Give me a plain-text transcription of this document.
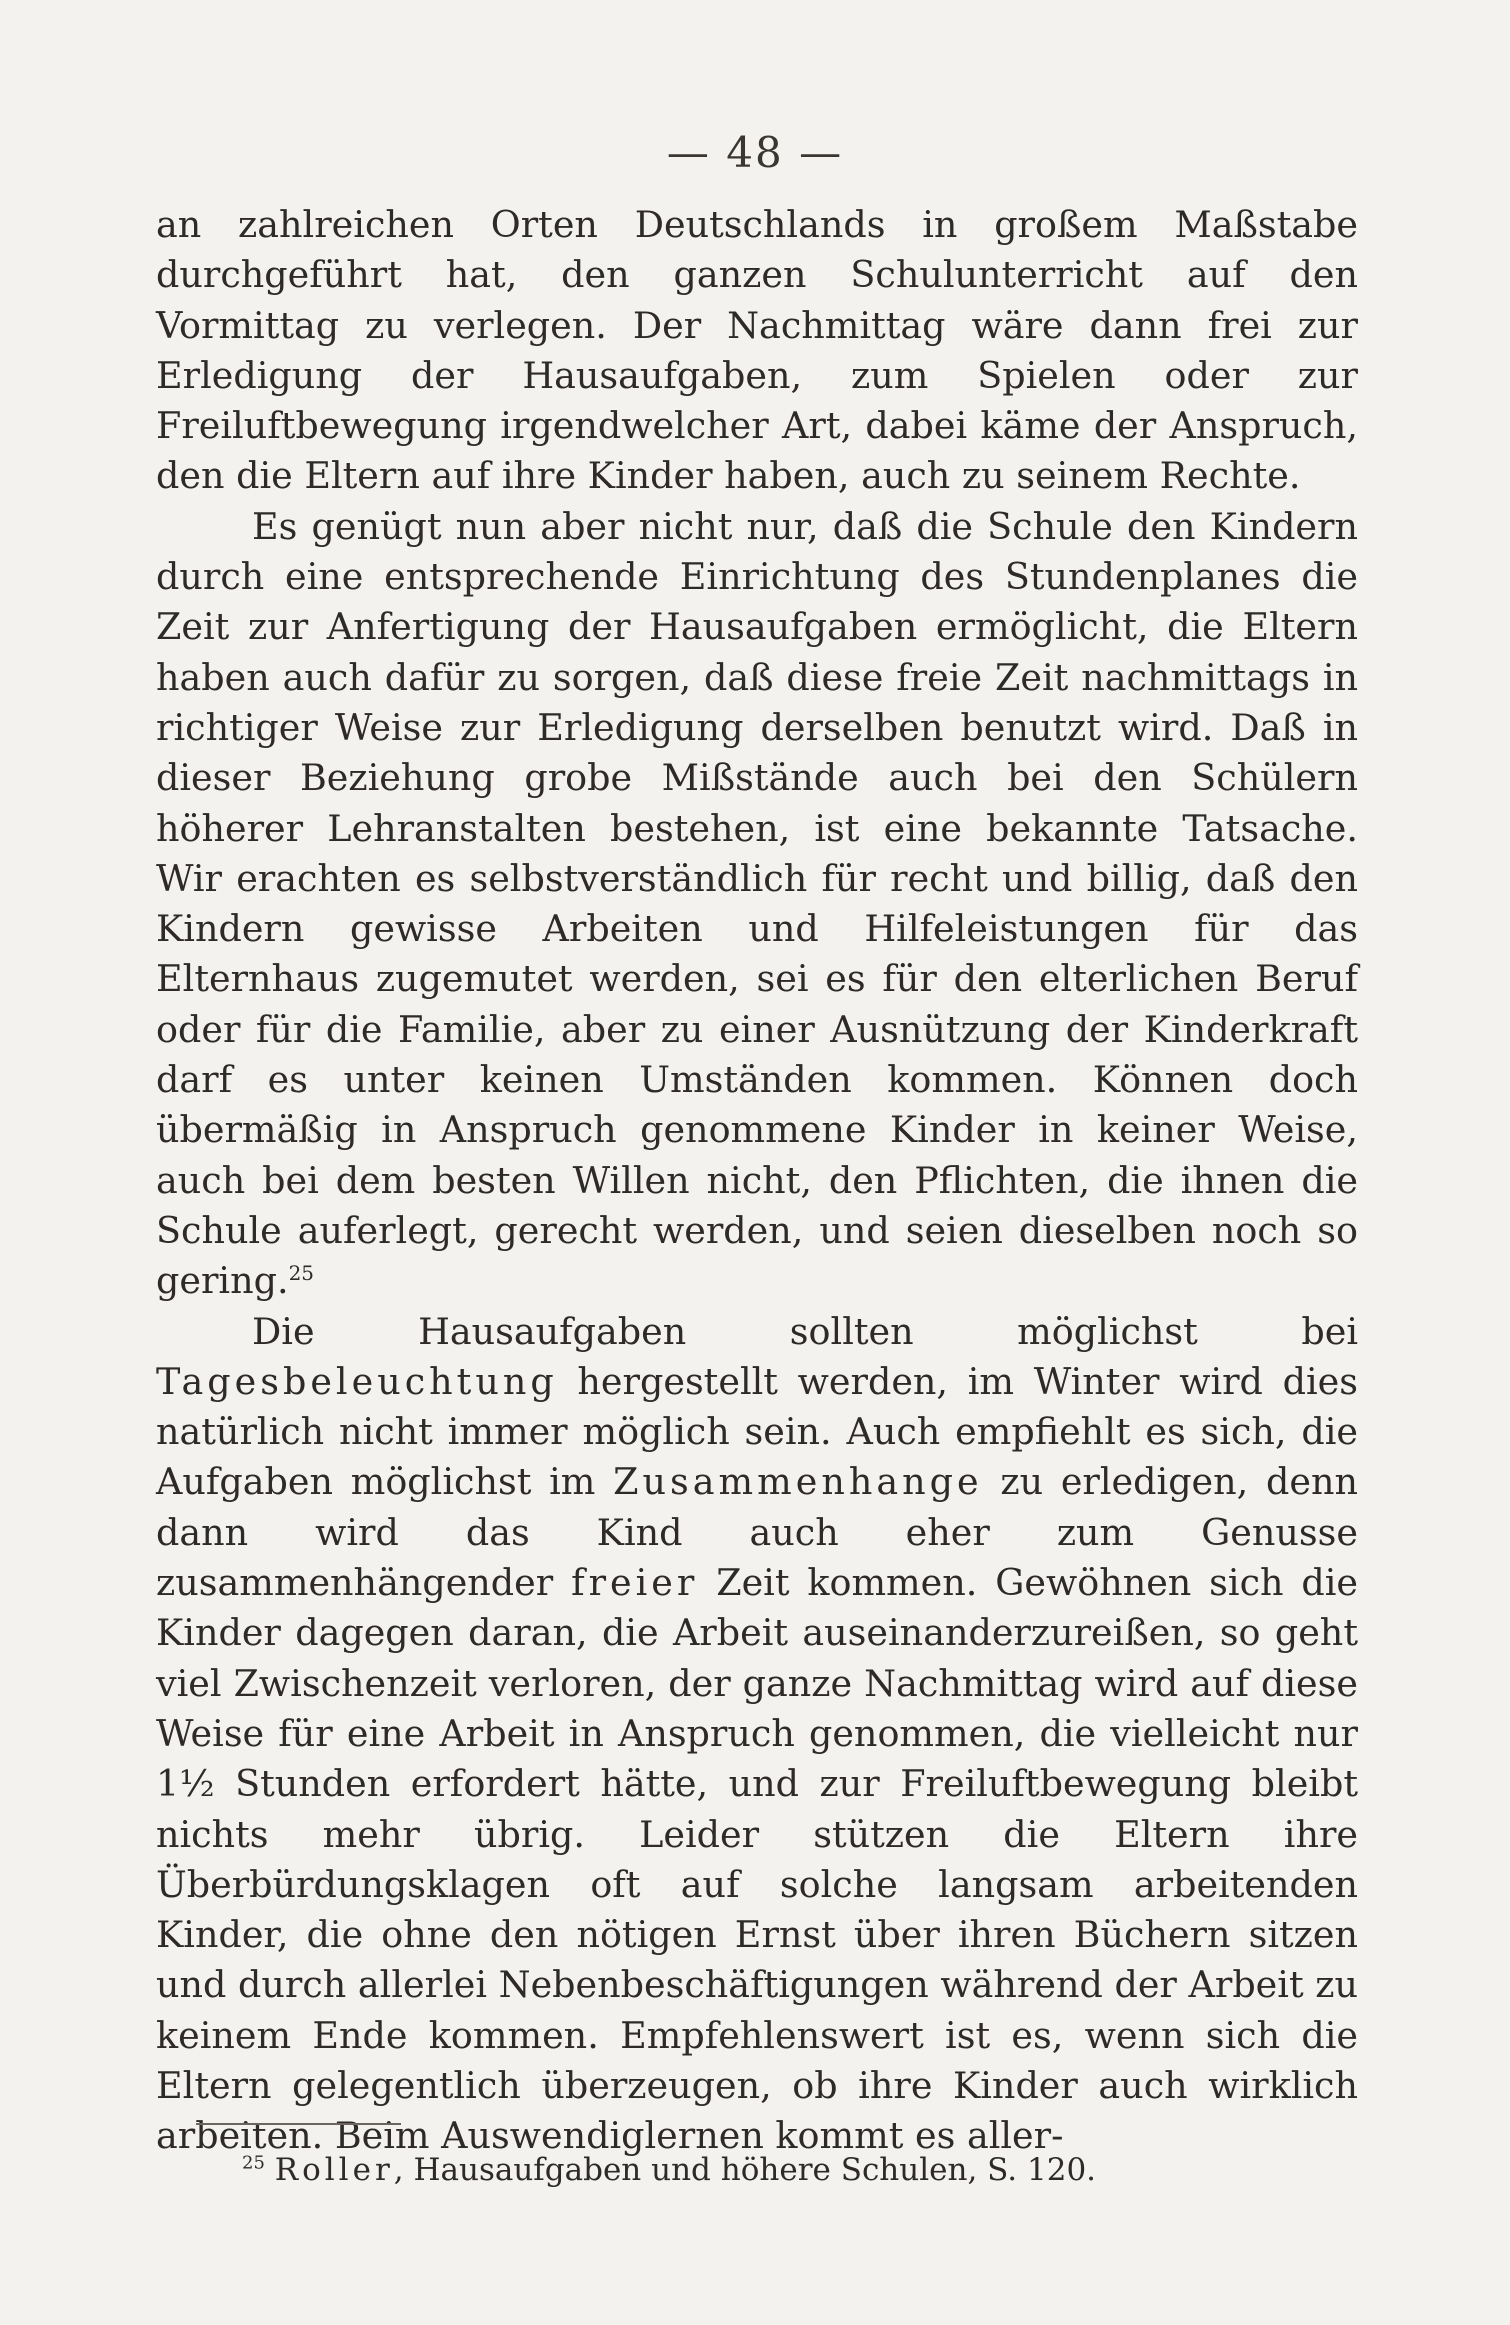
— 48 —

an zahlreichen Orten Deutschlands in großem Maßstabe durchgeführt hat, den ganzen Schulunterricht auf den Vormittag zu verlegen. Der Nachmittag wäre dann frei zur Erledigung der Hausaufgaben, zum Spielen oder zur Freiluftbewegung irgendwelcher Art, dabei käme der Anspruch, den die Eltern auf ihre Kinder haben, auch zu seinem Rechte.

Es genügt nun aber nicht nur, daß die Schule den Kindern durch eine entsprechende Einrichtung des Stundenplanes die Zeit zur Anfertigung der Hausaufgaben ermöglicht, die Eltern haben auch dafür zu sorgen, daß diese freie Zeit nachmittags in richtiger Weise zur Erledigung derselben benutzt wird. Daß in dieser Beziehung grobe Mißstände auch bei den Schülern höherer Lehranstalten bestehen, ist eine bekannte Tatsache. Wir erachten es selbstverständlich für recht und billig, daß den Kindern gewisse Arbeiten und Hilfeleistungen für das Elternhaus zugemutet werden, sei es für den elterlichen Beruf oder für die Familie, aber zu einer Ausnützung der Kinderkraft darf es unter keinen Umständen kommen. Können doch übermäßig in Anspruch genommene Kinder in keiner Weise, auch bei dem besten Willen nicht, den Pflichten, die ihnen die Schule auferlegt, gerecht werden, und seien dieselben noch so gering.$^{25}$

Die Hausaufgaben sollten möglichst bei Tagesbeleuchtung hergestellt werden, im Winter wird dies natürlich nicht immer möglich sein. Auch empfiehlt es sich, die Aufgaben möglichst im Zusammenhange zu erledigen, denn dann wird das Kind auch eher zum Genusse zusammenhängender freier Zeit kommen. Gewöhnen sich die Kinder dagegen daran, die Arbeit auseinanderzureißen, so geht viel Zwischenzeit verloren, der ganze Nachmittag wird auf diese Weise für eine Arbeit in Anspruch genommen, die vielleicht nur 1½ Stunden erfordert hätte, und zur Freiluftbewegung bleibt nichts mehr übrig. Leider stützen die Eltern ihre Überbürdungsklagen oft auf solche langsam arbeitenden Kinder, die ohne den nötigen Ernst über ihren Büchern sitzen und durch allerlei Nebenbeschäftigungen während der Arbeit zu keinem Ende kommen. Empfehlenswert ist es, wenn sich die Eltern gelegentlich überzeugen, ob ihre Kinder auch wirklich arbeiten. Beim Auswendiglernen kommt es aller-

$^{25}$ Roller, Hausaufgaben und höhere Schulen, S. 120.
